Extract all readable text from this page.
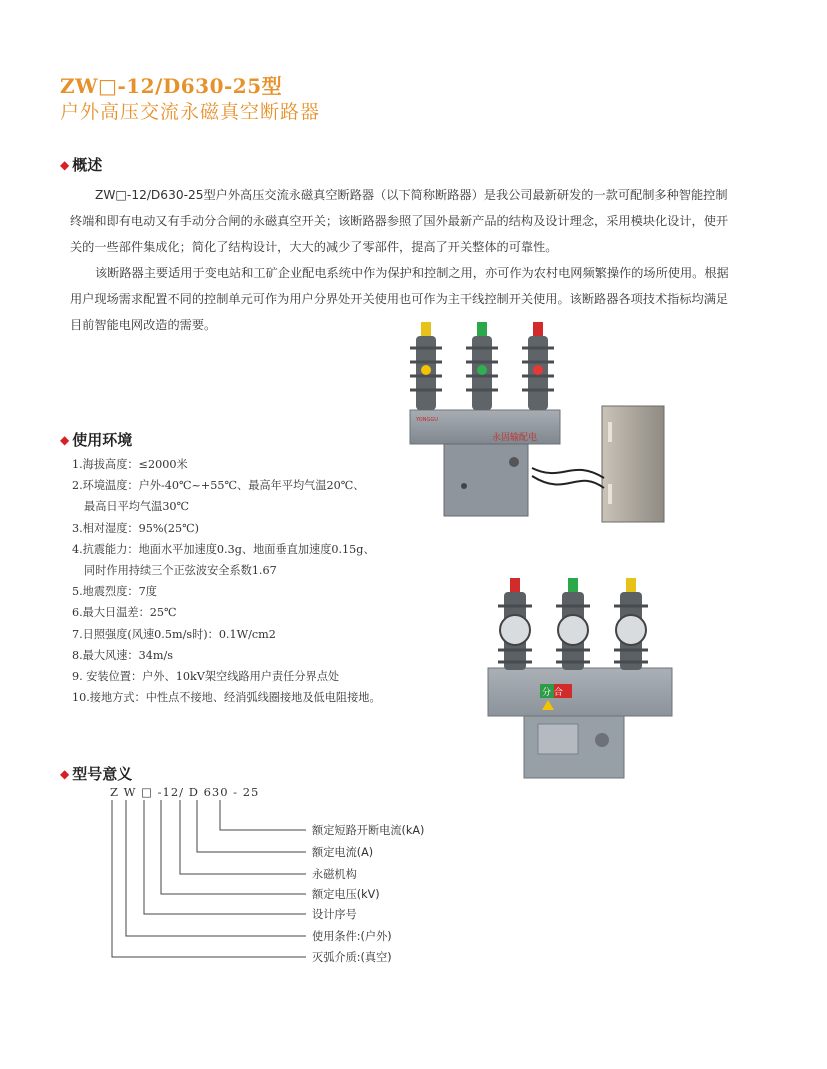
ZW□-12/D630-25型
户外高压交流永磁真空断路器
◆ 概述

ZW□-12/D630-25型户外高压交流永磁真空断路器（以下简称断路器）是我公司最新研发的一款可配制多种智能控制终端和即有电动又有手动分合闸的永磁真空开关；该断路器参照了国外最新产品的结构及设计理念，采用模块化设计，使开关的一些部件集成化；简化了结构设计，大大的减少了零部件，提高了开关整体的可靠性。

该断路器主要适用于变电站和工矿企业配电系统中作为保护和控制之用，亦可作为农村电网频繁操作的场所使用。根据用户现场需求配置不同的控制单元可作为用户分界处开关使用也可作为主干线控制开关使用。该断路器各项技术指标均满足目前智能电网改造的需要。

永固输配电
YONGGU
◆ 使用环境
1.海拔高度：≤2000米
2.环境温度：户外-40℃~+55℃、最高年平均气温20℃、
最高日平均气温30℃
3.相对湿度：95%(25℃)
4.抗震能力：地面水平加速度0.3g、地面垂直加速度0.15g、
同时作用持续三个正弦波安全系数1.67
5.地震烈度：7度
6.最大日温差：25℃
7.日照强度(风速0.5m/s时)：0.1W/cm2
8.最大风速：34m/s
9. 安装位置：户外、10kV架空线路用户责任分界点处
10.接地方式：中性点不接地、经消弧线圈接地及低电阻接地。	分 合
◆ 型号意义
Z W □ -12/ D 630 - 25
额定短路开断电流(kA)
额定电流(A)
永磁机构
额定电压(kV)
设计序号
使用条件:(户外)
灭弧介质:(真空)
